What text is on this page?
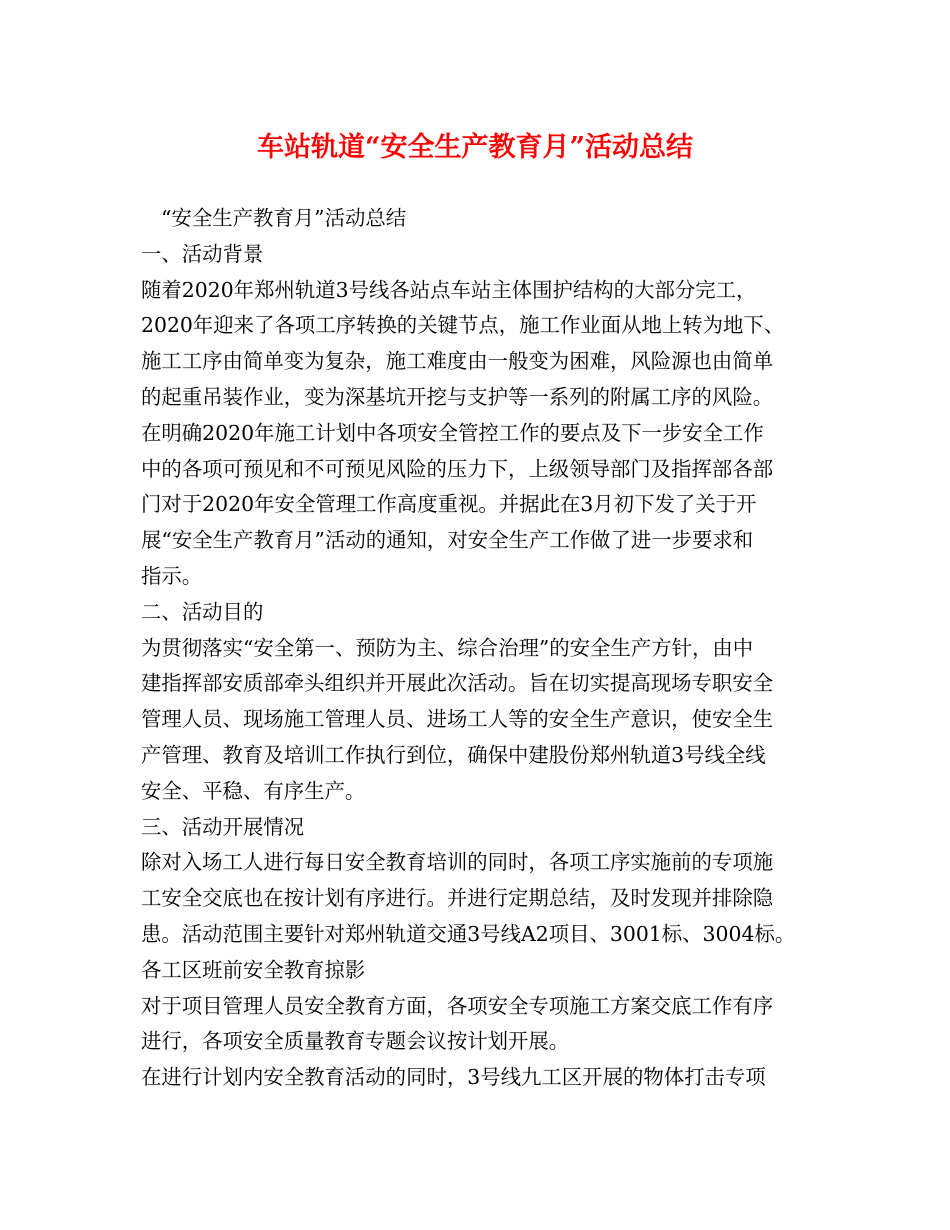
车站轨道“安全生产教育月”活动总结
“安全生产教育月”活动总结
一、活动背景
随着2020年郑州轨道3号线各站点车站主体围护结构的大部分完工，
2020年迎来了各项工序转换的关键节点，施工作业面从地上转为地下、
施工工序由简单变为复杂，施工难度由一般变为困难，风险源也由简单
的起重吊装作业，变为深基坑开挖与支护等一系列的附属工序的风险。
在明确2020年施工计划中各项安全管控工作的要点及下一步安全工作
中的各项可预见和不可预见风险的压力下，上级领导部门及指挥部各部
门对于2020年安全管理工作高度重视。并据此在3月初下发了关于开
展“安全生产教育月”活动的通知，对安全生产工作做了进一步要求和
指示。
二、活动目的
为贯彻落实“安全第一、预防为主、综合治理”的安全生产方针，由中
建指挥部安质部牵头组织并开展此次活动。旨在切实提高现场专职安全
管理人员、现场施工管理人员、进场工人等的安全生产意识，使安全生
产管理、教育及培训工作执行到位，确保中建股份郑州轨道3号线全线
安全、平稳、有序生产。
三、活动开展情况
除对入场工人进行每日安全教育培训的同时，各项工序实施前的专项施
工安全交底也在按计划有序进行。并进行定期总结，及时发现并排除隐
患。活动范围主要针对郑州轨道交通3号线A2项目、3001标、3004标。
各工区班前安全教育掠影
对于项目管理人员安全教育方面，各项安全专项施工方案交底工作有序
进行，各项安全质量教育专题会议按计划开展。
在进行计划内安全教育活动的同时，3号线九工区开展的物体打击专项
